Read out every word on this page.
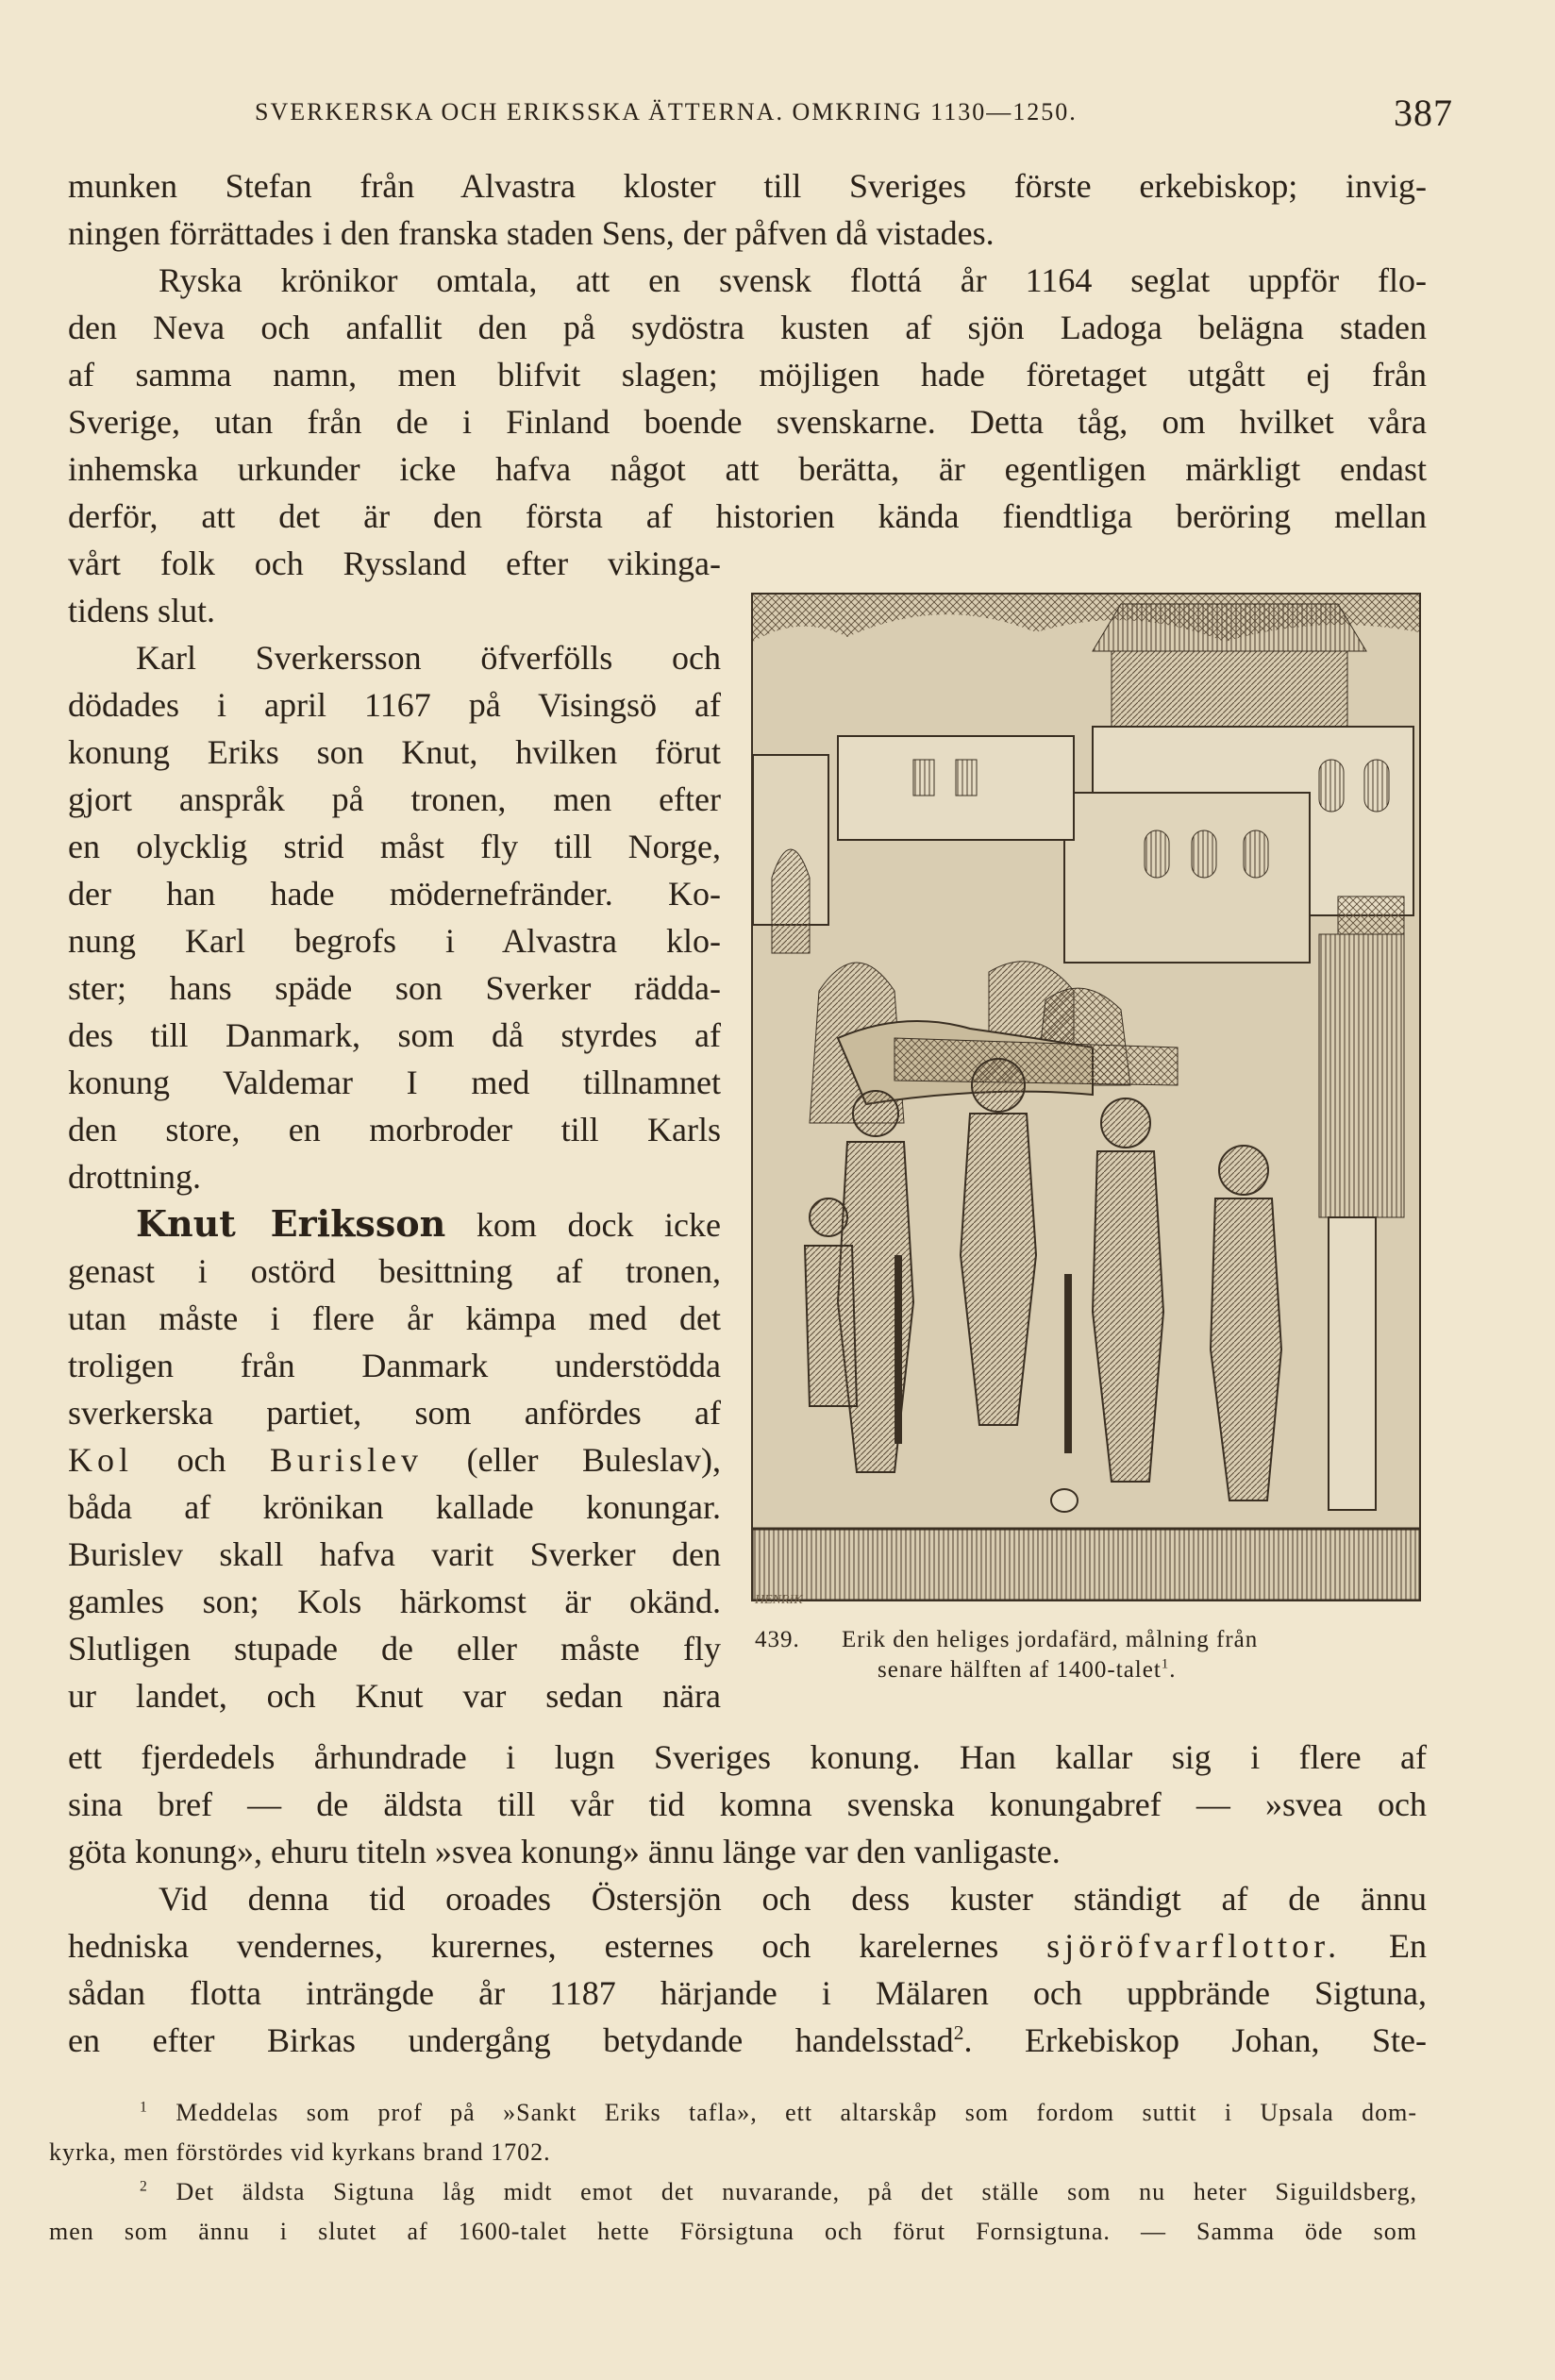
SVERKERSKA OCH ERIKSSKA ÄTTERNA. OMKRING 1130—1250.	387
munken Stefan från Alvastra kloster till Sveriges förste erkebiskop; invig-
ningen förrättades i den franska staden Sens, der påfven då vistades.
Ryska krönikor omtala, att en svensk flottá år 1164 seglat uppför flo-
den Neva och anfallit den på sydöstra kusten af sjön Ladoga belägna staden
af samma namn, men blifvit slagen; möjligen hade företaget utgått ej från
Sverige, utan från de i Finland boende svenskarne. Detta tåg, om hvilket våra
inhemska urkunder icke hafva något att berätta, är egentligen märkligt endast
derför, att det är den första af historien kända fiendtliga beröring mellan
vårt folk och Ryssland efter vikinga-
tidens slut.
Karl Sverkersson öfverfölls och
dödades i april 1167 på Visingsö af
konung Eriks son Knut, hvilken förut
gjort anspråk på tronen, men efter
en olycklig strid måst fly till Norge,
der han hade mödernefränder. Ko-
nung Karl begrofs i Alvastra klo-
ster; hans späde son Sverker rädda-
des till Danmark, som då styrdes af
konung Valdemar I med tillnamnet
den store, en morbroder till Karls
drottning.
Knut Eriksson kom dock icke
genast i ostörd besittning af tronen,
utan måste i flere år kämpa med det
troligen från Danmark understödda
sverkerska partiet, som anfördes af
Kol och Burislev (eller Buleslav),
båda af krönikan kallade konungar.
Burislev skall hafva varit Sverker den
gamles son; Kols härkomst är okänd.
Slutligen stupade de eller måste fly
ur landet, och Knut var sedan nära
ett fjerdedels århundrade i lugn Sveriges konung. Han kallar sig i flere af
sina bref — de äldsta till vår tid komna svenska konungabref — »svea och
göta konung», ehuru titeln »svea konung» ännu länge var den vanligaste.
Vid denna tid oroades Östersjön och dess kuster ständigt af de ännu
hedniska vendernes, kurernes, esternes och karelernes sjöröfvarflottor. En
sådan flotta inträngde år 1187 härjande i Mälaren och uppbrände Sigtuna,
en efter Birkas undergång betydande handelsstad$^2$. Erkebiskop Johan, Ste-
HENRIK
439. Erik den heliges jordafärd, målning från
senare hälften af 1400-talet$^1$.
$^1$ Meddelas som prof på »Sankt Eriks tafla», ett altarskåp som fordom suttit i Upsala dom-
kyrka, men förstördes vid kyrkans brand 1702.
$^2$ Det äldsta Sigtuna låg midt emot det nuvarande, på det ställe som nu heter Siguildsberg,
men som ännu i slutet af 1600-talet hette Försigtuna och förut Fornsigtuna. — Samma öde som
